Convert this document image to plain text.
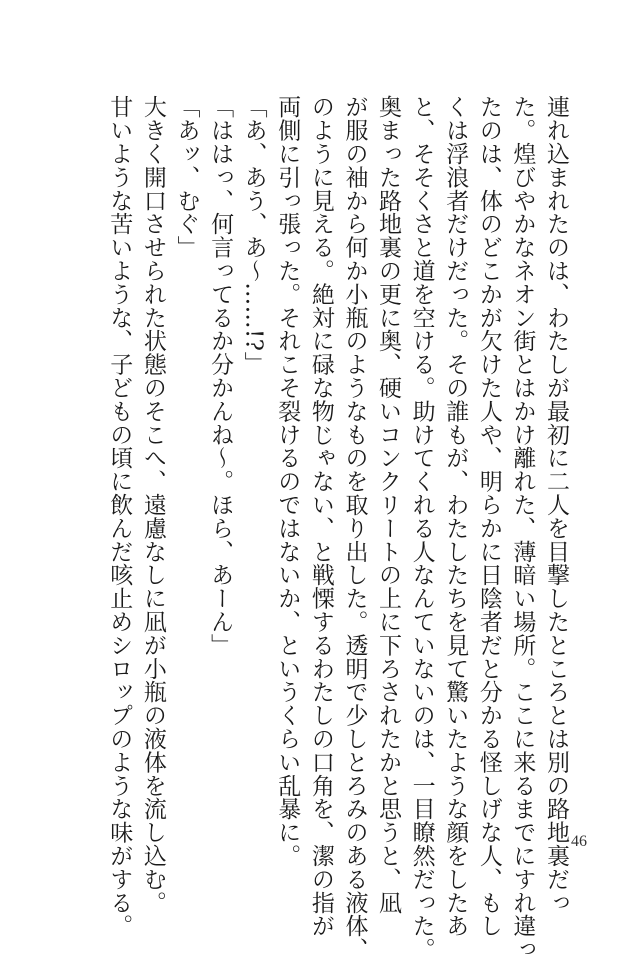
連れ込まれたのは、わたしが最初に二人を目撃したところとは別の路地裏だっ
た。煌びやかなネオン街とはかけ離れた、薄暗い場所。ここに来るまでにすれ違っ
たのは、体のどこかが欠けた人や、明らかに日陰者だと分かる怪しげな人、もし
くは浮浪者だけだった。その誰もが、わたしたちを見て驚いたような顔をしたあ
と、そそくさと道を空ける。助けてくれる人なんていないのは、一目瞭然だった。
奥まった路地裏の更に奥、硬いコンクリートの上に下ろされたかと思うと、凪
が服の袖から何か小瓶のようなものを取り出した。透明で少しとろみのある液体、
のように見える。絶対に碌な物じゃない、と戦慄するわたしの口角を、潔の指が
両側に引っ張った。それこそ裂けるのではないか、というくらい乱暴に。
「あ、あう、あ〜……!?」
「ははっ、何言ってるか分かんね〜。ほら、あーん」
「あッ、むぐ」
大きく開口させられた状態のそこへ、遠慮なしに凪が小瓶の液体を流し込む。
甘いような苦いような、子どもの頃に飲んだ咳止めシロップのような味がする。	46
